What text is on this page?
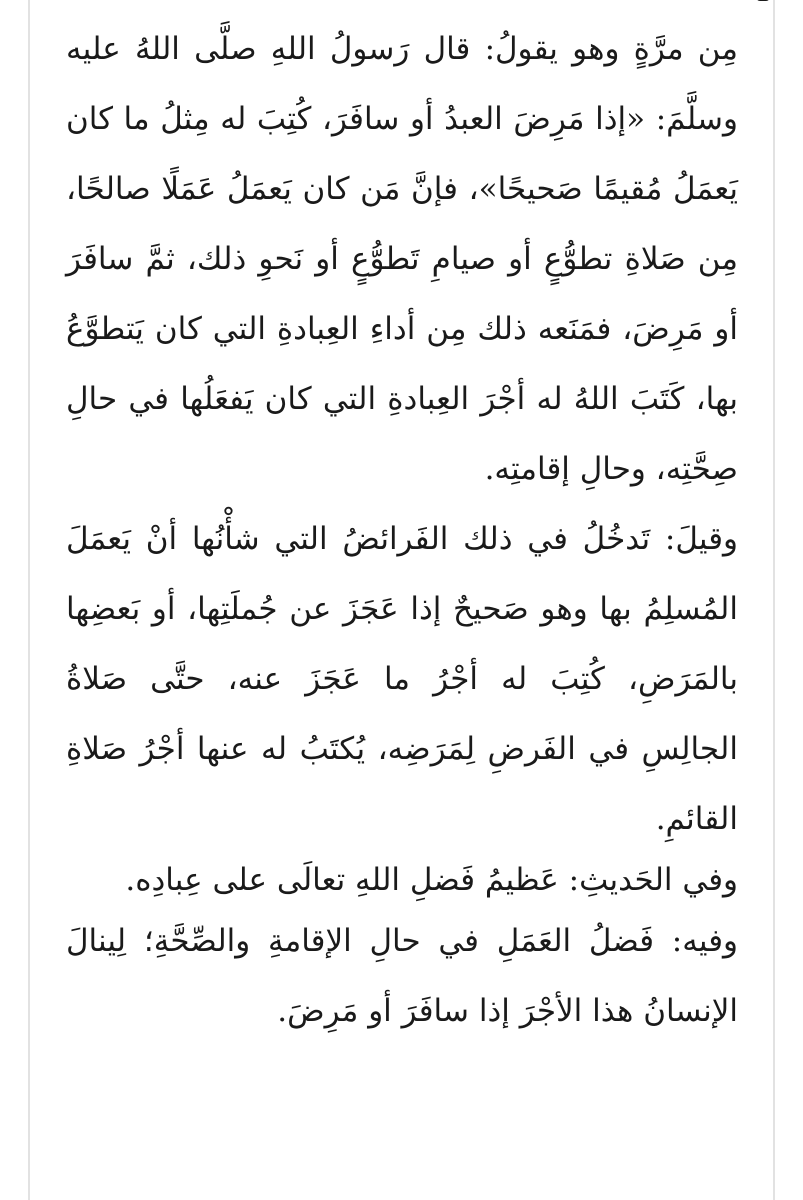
مِن مرَّةٍ وهو يقولُ: قال رَسولُ اللهِ صلَّى اللهُ عليه وسلَّمَ: «إذا مَرِضَ العبدُ أو سافَرَ، كُتِبَ له مِثلُ ما كان يَعمَلُ مُقيمًا صَحيحًا»، فإنَّ مَن كان يَعمَلُ عَمَلًا صالحًا، مِن صَلاةِ تطوُّعٍ أو صيامِ تَطوُّعٍ أو نَحوِ ذلك، ثمَّ سافَرَ أو مَرِضَ، فمَنَعه ذلك مِن أداءِ العِبادةِ التي كان يَتطوَّعُ بها، كَتَبَ اللهُ له أجْرَ العِبادةِ التي كان يَفعَلُها في حالِ صِحَّتِه، وحالِ إقامتِه.

وقيلَ: تَدخُلُ في ذلك الفَرائضُ التي شأْنُها أنْ يَعمَلَ المُسلِمُ بها وهو صَحيحٌ إذا عَجَزَ عن جُملَتِها، أو بَعضِها بالمَرَضِ، كُتِبَ له أجْرُ ما عَجَزَ عنه، حتَّى صَلاةُ الجالِسِ في الفَرضِ لِمَرَضِه، يُكتَبُ له عنها أجْرُ صَلاةِ القائمِ.

وفي الحَديثِ: عَظيمُ فَضلِ اللهِ تعالَى على عِبادِه.

وفيه: فَضلُ العَمَلِ في حالِ الإقامةِ والصِّحَّةِ؛ لِينالَ الإنسانُ هذا الأجْرَ إذا سافَرَ أو مَرِضَ.
